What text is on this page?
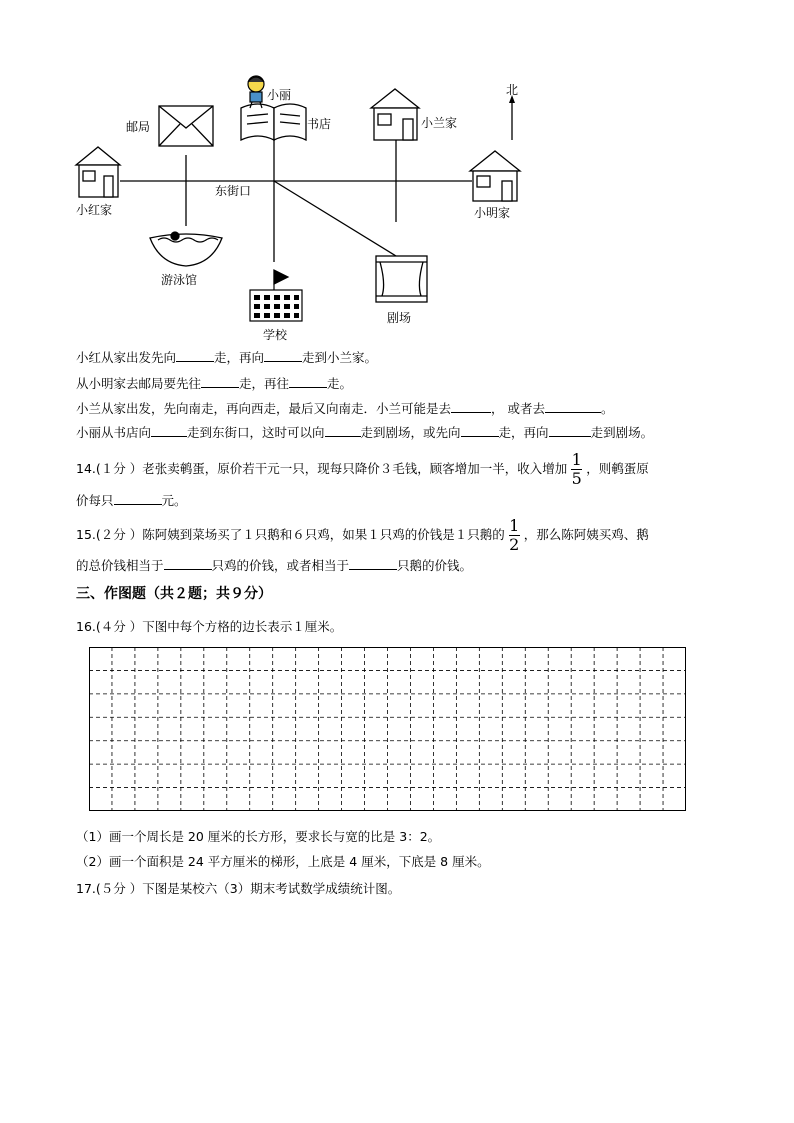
邮局
小丽
书店	小兰家
北
小红家
东街口
小明家
游泳馆
学校
剧场
小红从家出发先向	走，再向	走到小兰家。
从小明家去邮局要先往	走，再往	走。
小兰从家出发，先向南走，再向西走，最后又向南走．小兰可能是去	， 或者去	。
小丽从书店向	走到东街口，这时可以向	走到剧场，或先向	走，再向	走到剧场。
14.(１分 ）老张卖鹌蛋，原价若干元一只，现每只降价３毛钱，顾客增加一半，收入增加 $\frac{1}{5}$ ，则鹌蛋原
价每只	元。
15.(２分 ）陈阿姨到菜场买了１只鹅和６只鸡，如果１只鸡的价钱是１只鹅的 $\frac{1}{2}$ ，那么陈阿姨买鸡、鹅
的总价钱相当于	只鸡的价钱，或者相当于	只鹅的价钱。
三、作图题（共２题；共９分）
16.(４分 ）下图中每个方格的边长表示１厘米。
（1）画一个周长是 20 厘米的长方形，要求长与宽的比是 3：2。
（2）画一个面积是 24 平方厘米的梯形，上底是 4 厘米，下底是 8 厘米。
17.(５分 ）下图是某校六（3）期末考试数学成绩统计图。
